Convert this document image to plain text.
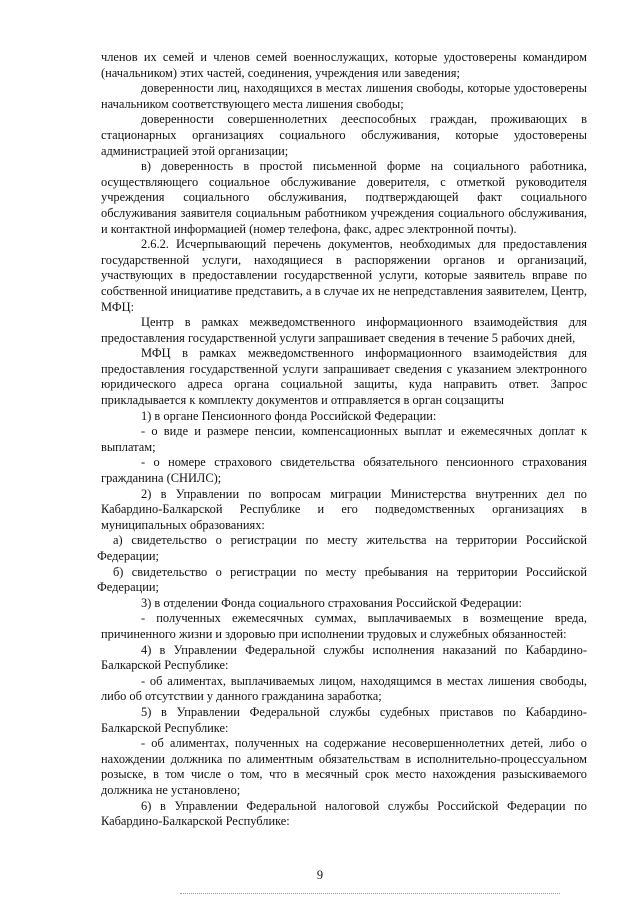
членов их семей и членов семей военнослужащих, которые удостоверены командиром (начальником) этих частей, соединения, учреждения или заведения;

доверенности лиц, находящихся в местах лишения свободы, которые удостоверены начальником соответствующего места лишения свободы;

доверенности совершеннолетних дееспособных граждан, проживающих в стационарных организациях социального обслуживания, которые удостоверены администрацией этой организации;

в) доверенность в простой письменной форме на социального работника, осуществляющего социальное обслуживание доверителя, с отметкой руководителя учреждения социального обслуживания, подтверждающей факт социального обслуживания заявителя социальным работником учреждения социального обслуживания, и контактной информацией (номер телефона, факс, адрес электронной почты).

2.6.2. Исчерпывающий перечень документов, необходимых для предоставления государственной услуги, находящиеся в распоряжении органов и организаций, участвующих в предоставлении государственной услуги, которые заявитель вправе по собственной инициативе представить, а в случае их не непредставления заявителем, Центр, МФЦ:

Центр в рамках межведомственного информационного взаимодействия для предоставления государственной услуги запрашивает сведения в течение 5 рабочих дней,

МФЦ в рамках межведомственного информационного взаимодействия для предоставления государственной услуги запрашивает сведения с указанием электронного юридического адреса органа социальной защиты, куда направить ответ. Запрос прикладывается к комплекту документов и отправляется в орган соцзащиты

1) в органе Пенсионного фонда Российской Федерации:

- о виде и размере пенсии, компенсационных выплат и ежемесячных доплат к выплатам;

- о номере страхового свидетельства обязательного пенсионного страхования гражданина (СНИЛС);

2) в Управлении по вопросам миграции Министерства внутренних дел по Кабардино-Балкарской Республике и его подведомственных организациях в муниципальных образованиях:

а) свидетельство о регистрации по месту жительства на территории Российской Федерации;

б) свидетельство о регистрации по месту пребывания на территории Российской Федерации;

3) в отделении Фонда социального страхования Российской Федерации:

- полученных ежемесячных суммах, выплачиваемых в возмещение вреда, причиненного жизни и здоровью при исполнении трудовых и служебных обязанностей:

4) в Управлении Федеральной службы исполнения наказаний по Кабардино-Балкарской Республике:

- об алиментах, выплачиваемых лицом, находящимся в местах лишения свободы, либо об отсутствии у данного гражданина заработка;

5) в Управлении Федеральной службы судебных приставов по Кабардино-Балкарской Республике:

- об алиментах, полученных на содержание несовершеннолетних детей, либо о нахождении должника по алиментным обязательствам в исполнительно-процессуальном розыске, в том числе о том, что в месячный срок место нахождения разыскиваемого должника не установлено;

6) в Управлении Федеральной налоговой службы Российской Федерации по Кабардино-Балкарской Республике:

9
